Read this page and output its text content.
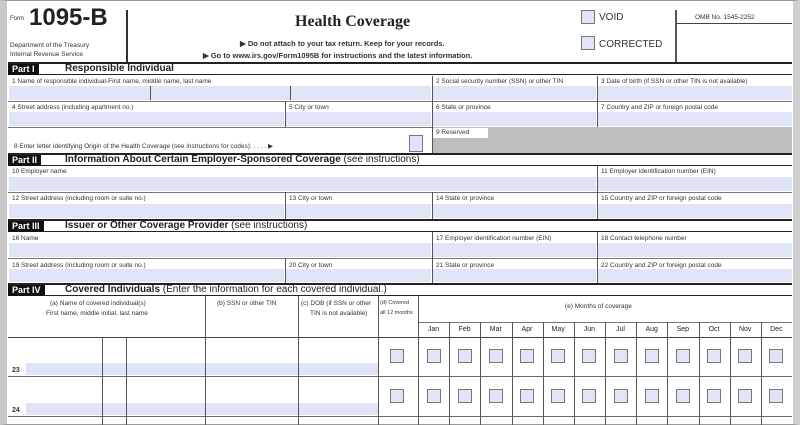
Form 1095-B
Department of the Treasury
Internal Revenue Service
Health Coverage
▶ Do not attach to your tax return. Keep for your records.
▶ Go to www.irs.gov/Form1095B for instructions and the latest information.
VOID
CORRECTED
OMB No. 1545-2252
Part I	Responsible Individual
1 Name of responsible individual-First name, middle name, last name	2 Social security number (SSN) or other TIN	3 Date of birth (if SSN or other TIN is not available)
4 Street address (including apartment no.)	5 City or town	6 State or province	7 Country and ZIP or foreign postal code
8 Enter letter identifying Origin of the Health Coverage (see instructions for codes): . . . . ▶
9 Reserved
Part II	Information About Certain Employer-Sponsored Coverage (see instructions)
10 Employer name	11 Employer identification number (EIN)
12 Street address (including room or suite no.)	13 City or town	14 State or province	15 Country and ZIP or foreign postal code
Part III	Issuer or Other Coverage Provider (see instructions)
16 Name	17 Employer identification number (EIN)	18 Contact telephone number
19 Street address (including room or suite no.)	20 City or town	21 State or province	22 Country and ZIP or foreign postal code
Part IV	Covered Individuals (Enter the information for each covered individual.)
(a) Name of covered individual(s)
First name, middle initial, last name
(b) SSN or other TIN	(c) DOB (if SSN or other
TIN is not available)
(d) Covered
all 12 months
(e) Months of coverage
Jan	Feb	Mar	Apr	May	Jun	Jul	Aug	Sep	Oct	Nov	Dec
23
24
